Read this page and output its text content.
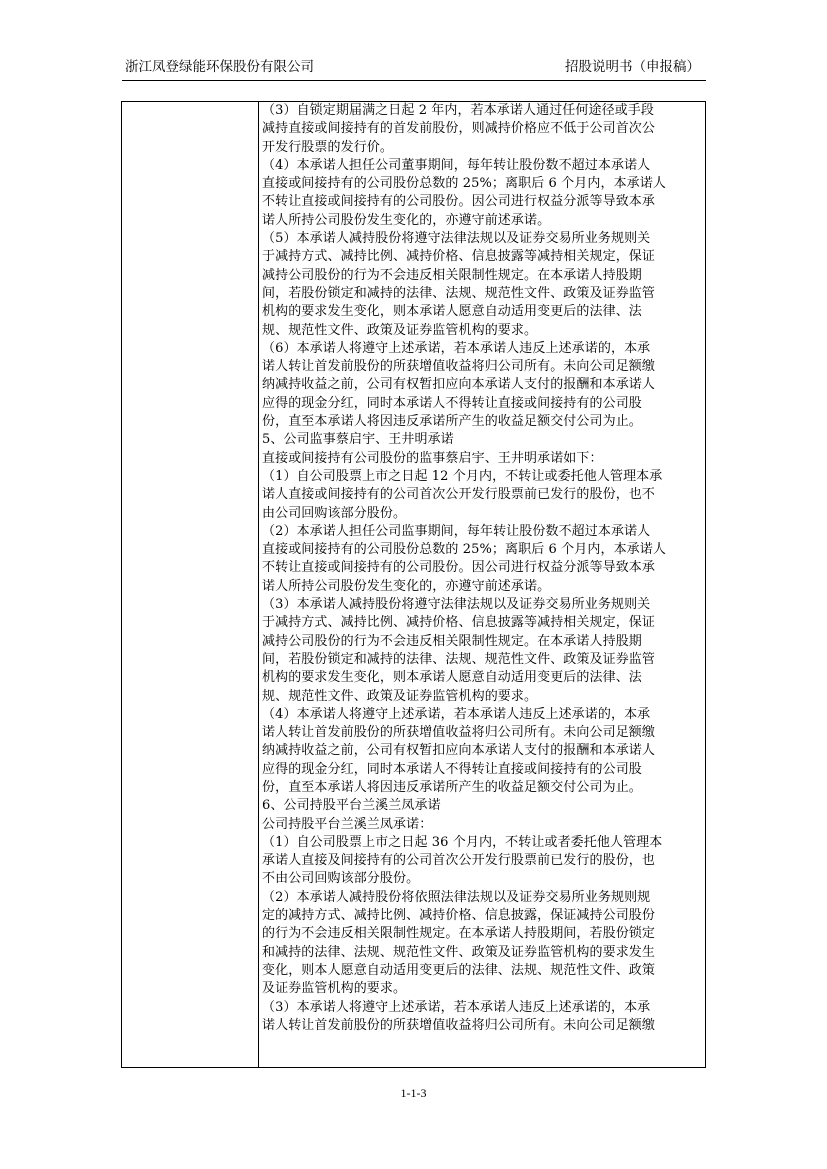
浙江凤登绿能环保股份有限公司	招股说明书（申报稿）
（3）自锁定期届满之日起 2 年内，若本承诺人通过任何途径或手段
减持直接或间接持有的首发前股份，则减持价格应不低于公司首次公
开发行股票的发行价。
（4）本承诺人担任公司董事期间，每年转让股份数不超过本承诺人
直接或间接持有的公司股份总数的 25%；离职后 6 个月内，本承诺人
不转让直接或间接持有的公司股份。因公司进行权益分派等导致本承
诺人所持公司股份发生变化的，亦遵守前述承诺。
（5）本承诺人减持股份将遵守法律法规以及证券交易所业务规则关
于减持方式、减持比例、减持价格、信息披露等减持相关规定，保证
减持公司股份的行为不会违反相关限制性规定。在本承诺人持股期
间，若股份锁定和减持的法律、法规、规范性文件、政策及证券监管
机构的要求发生变化，则本承诺人愿意自动适用变更后的法律、法
规、规范性文件、政策及证券监管机构的要求。
（6）本承诺人将遵守上述承诺，若本承诺人违反上述承诺的，本承
诺人转让首发前股份的所获增值收益将归公司所有。未向公司足额缴
纳减持收益之前，公司有权暂扣应向本承诺人支付的报酬和本承诺人
应得的现金分红，同时本承诺人不得转让直接或间接持有的公司股
份，直至本承诺人将因违反承诺所产生的收益足额交付公司为止。
5、公司监事蔡启宇、王井明承诺
直接或间接持有公司股份的监事蔡启宇、王井明承诺如下：
（1）自公司股票上市之日起 12 个月内，不转让或委托他人管理本承
诺人直接或间接持有的公司首次公开发行股票前已发行的股份，也不
由公司回购该部分股份。
（2）本承诺人担任公司监事期间，每年转让股份数不超过本承诺人
直接或间接持有的公司股份总数的 25%；离职后 6 个月内，本承诺人
不转让直接或间接持有的公司股份。因公司进行权益分派等导致本承
诺人所持公司股份发生变化的，亦遵守前述承诺。
（3）本承诺人减持股份将遵守法律法规以及证券交易所业务规则关
于减持方式、减持比例、减持价格、信息披露等减持相关规定，保证
减持公司股份的行为不会违反相关限制性规定。在本承诺人持股期
间，若股份锁定和减持的法律、法规、规范性文件、政策及证券监管
机构的要求发生变化，则本承诺人愿意自动适用变更后的法律、法
规、规范性文件、政策及证券监管机构的要求。
（4）本承诺人将遵守上述承诺，若本承诺人违反上述承诺的，本承
诺人转让首发前股份的所获增值收益将归公司所有。未向公司足额缴
纳减持收益之前，公司有权暂扣应向本承诺人支付的报酬和本承诺人
应得的现金分红，同时本承诺人不得转让直接或间接持有的公司股
份，直至本承诺人将因违反承诺所产生的收益足额交付公司为止。
6、公司持股平台兰溪兰凤承诺
公司持股平台兰溪兰凤承诺：
（1）自公司股票上市之日起 36 个月内，不转让或者委托他人管理本
承诺人直接及间接持有的公司首次公开发行股票前已发行的股份，也
不由公司回购该部分股份。
（2）本承诺人减持股份将依照法律法规以及证券交易所业务规则规
定的减持方式、减持比例、减持价格、信息披露，保证减持公司股份
的行为不会违反相关限制性规定。在本承诺人持股期间，若股份锁定
和减持的法律、法规、规范性文件、政策及证券监管机构的要求发生
变化，则本人愿意自动适用变更后的法律、法规、规范性文件、政策
及证券监管机构的要求。
（3）本承诺人将遵守上述承诺，若本承诺人违反上述承诺的，本承
诺人转让首发前股份的所获增值收益将归公司所有。未向公司足额缴
1-1-3
